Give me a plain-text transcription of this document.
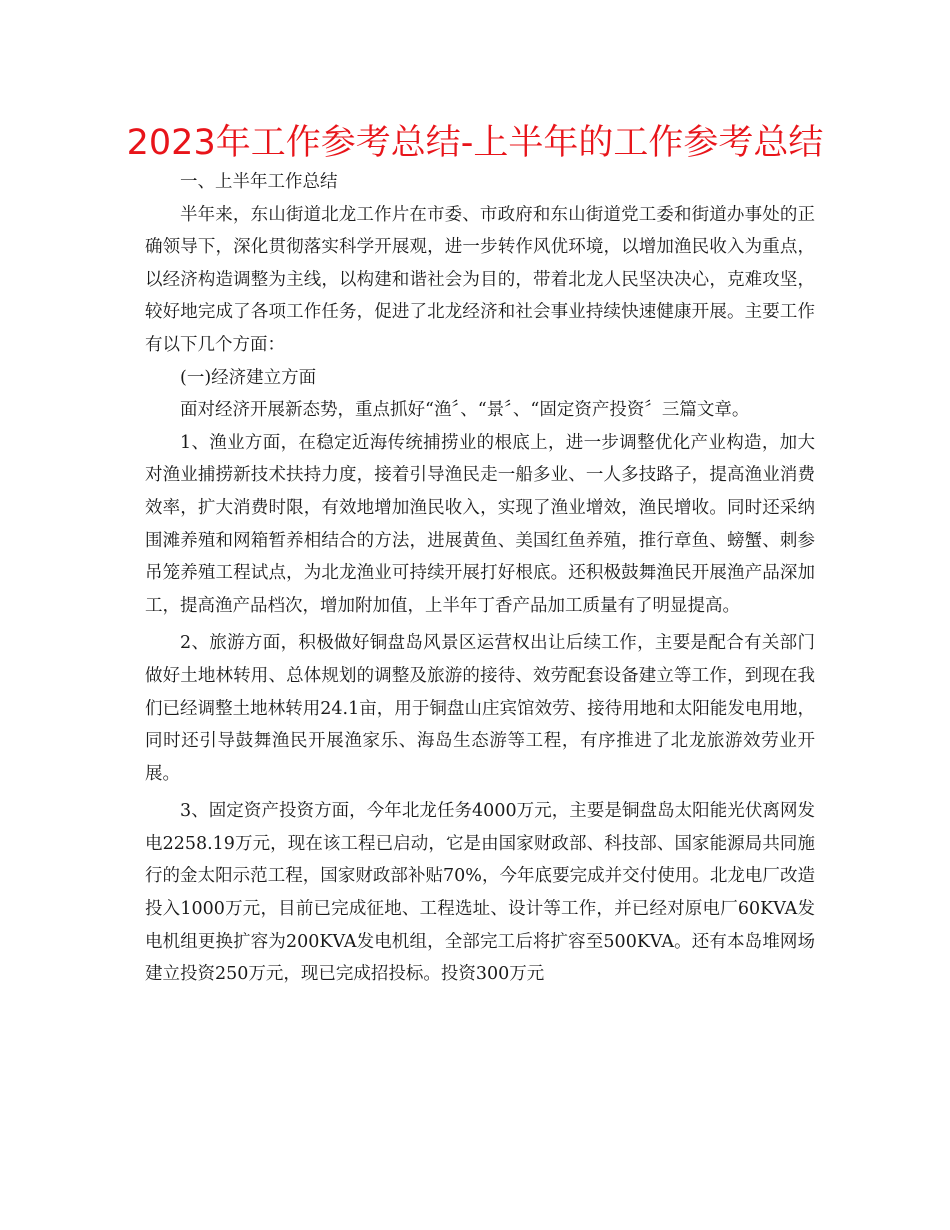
2023年工作参考总结-上半年的工作参考总结

一、上半年工作总结

半年来，东山街道北龙工作片在市委、市政府和东山街道党工委和街道办事处的正确领导下，深化贯彻落实科学开展观，进一步转作风优环境，以增加渔民收入为重点，以经济构造调整为主线，以构建和谐社会为目的，带着北龙人民坚决决心，克难攻坚，较好地完成了各项工作任务，促进了北龙经济和社会事业持续快速健康开展。主要工作有以下几个方面：

(一)经济建立方面

面对经济开展新态势，重点抓好“渔〞、“景〞、“固定资产投资〞三篇文章。

1、渔业方面，在稳定近海传统捕捞业的根底上，进一步调整优化产业构造，加大对渔业捕捞新技术扶持力度，接着引导渔民走一船多业、一人多技路子，提高渔业消费效率，扩大消费时限，有效地增加渔民收入，实现了渔业增效，渔民增收。同时还采纳围滩养殖和网箱暂养相结合的方法，进展黄鱼、美国红鱼养殖，推行章鱼、螃蟹、刺参吊笼养殖工程试点，为北龙渔业可持续开展打好根底。还积极鼓舞渔民开展渔产品深加工，提高渔产品档次，增加附加值，上半年丁香产品加工质量有了明显提高。

2、旅游方面，积极做好铜盘岛风景区运营权出让后续工作，主要是配合有关部门做好土地林转用、总体规划的调整及旅游的接待、效劳配套设备建立等工作，到现在我们已经调整土地林转用24.1亩，用于铜盘山庄宾馆效劳、接待用地和太阳能发电用地，同时还引导鼓舞渔民开展渔家乐、海岛生态游等工程，有序推进了北龙旅游效劳业开展。

3、固定资产投资方面，今年北龙任务4000万元，主要是铜盘岛太阳能光伏离网发电2258.19万元，现在该工程已启动，它是由国家财政部、科技部、国家能源局共同施行的金太阳示范工程，国家财政部补贴70%，今年底要完成并交付使用。北龙电厂改造投入1000万元，目前已完成征地、工程选址、设计等工作，并已经对原电厂60KVA发电机组更换扩容为200KVA发电机组，全部完工后将扩容至500KVA。还有本岛堆网场建立投资250万元，现已完成招投标。投资300万元
